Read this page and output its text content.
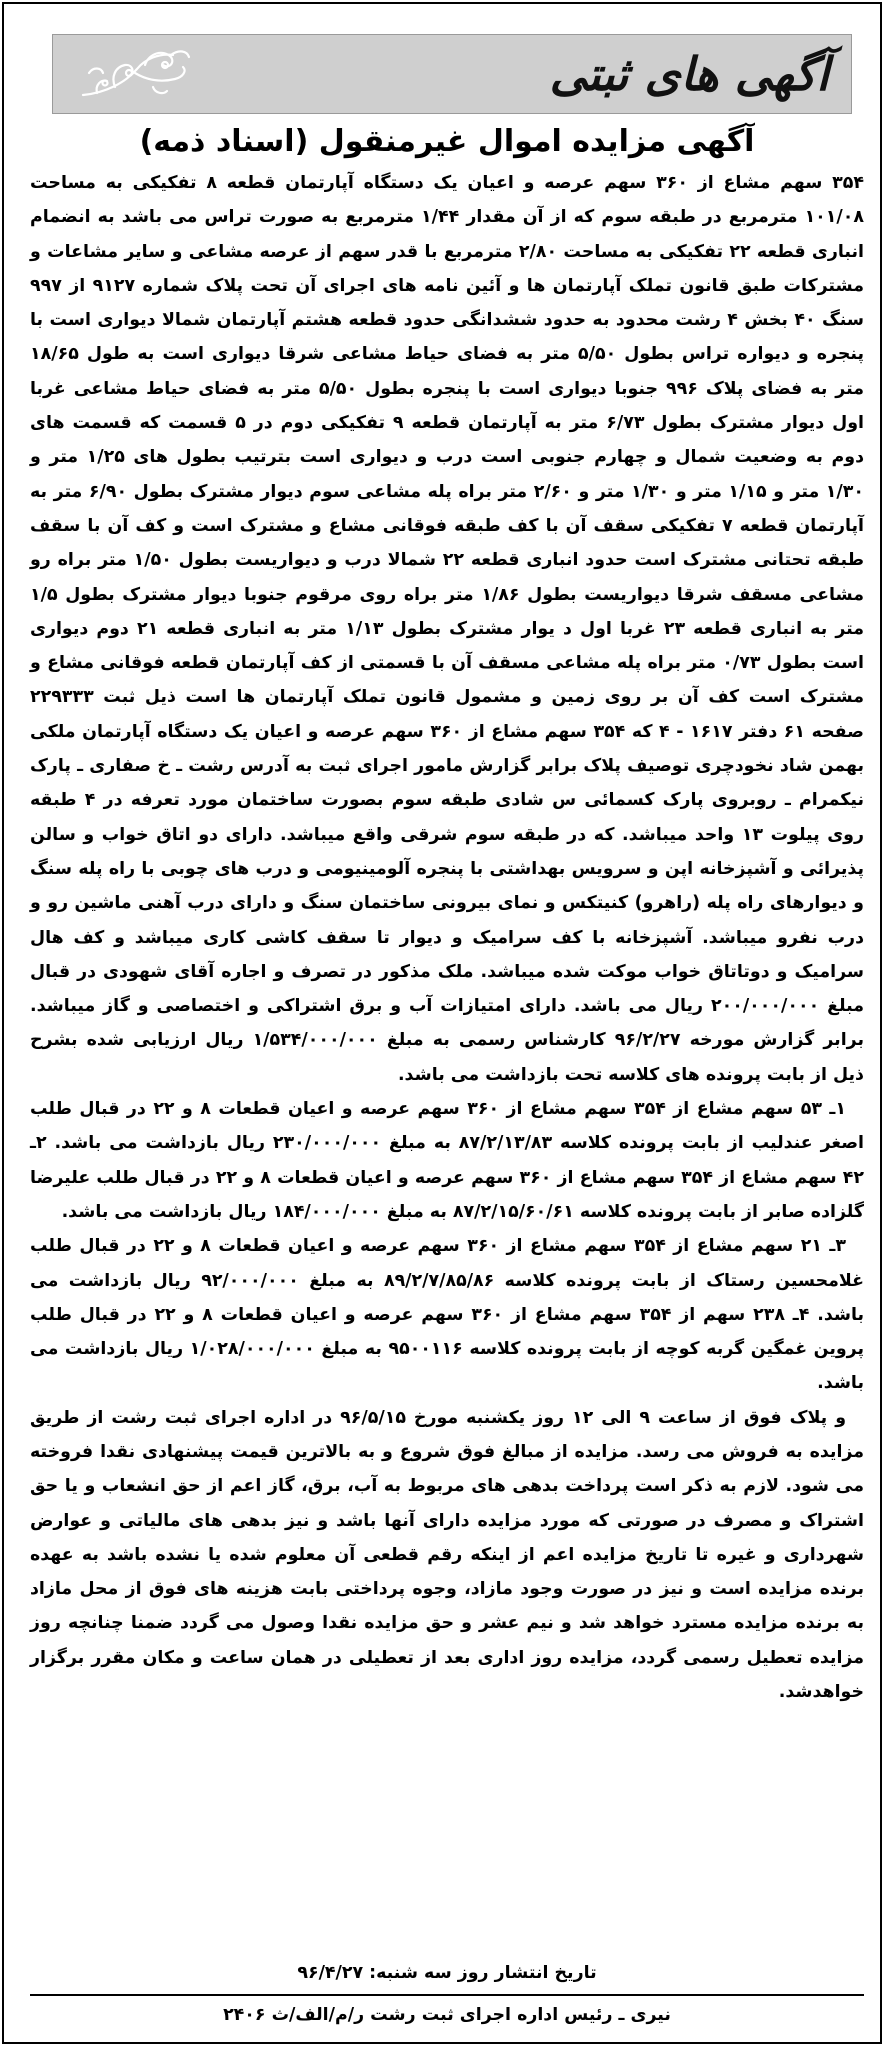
آگهی های ثبتی
آگهی مزایده اموال غیرمنقول (اسناد ذمه)

۳۵۴ سهم مشاع از ۳۶۰ سهم عرصه و اعیان یک دستگاه آپارتمان قطعه ۸ تفکیکی به مساحت ۱۰۱/۰۸ مترمربع در طبقه سوم که از آن مقدار ۱/۴۴ مترمربع به صورت تراس می باشد به انضمام انباری قطعه ۲۲ تفکیکی به مساحت ۲/۸۰ مترمربع با قدر سهم از عرصه مشاعی و سایر مشاعات و مشترکات طبق قانون تملک آپارتمان ها و آئین نامه های اجرای آن تحت پلاک شماره ۹۱۲۷ از ۹۹۷ سنگ ۴۰ بخش ۴ رشت محدود به حدود ششدانگی حدود قطعه هشتم آپارتمان شمالا دیواری است با پنجره و دیواره تراس بطول ۵/۵۰ متر به فضای حیاط مشاعی شرقا دیواری است به طول ۱۸/۶۵ متر به فضای پلاک ۹۹۶ جنوبا دیواری است با پنجره بطول ۵/۵۰ متر به فضای حیاط مشاعی غربا اول دیوار مشترک بطول ۶/۷۳ متر به آپارتمان قطعه ۹ تفکیکی دوم در ۵ قسمت که قسمت های دوم به وضعیت شمال و چهارم جنوبی است درب و دیواری است بترتیب بطول های ۱/۲۵ متر و ۱/۳۰ متر و ۱/۱۵ متر و ۱/۳۰ متر و ۲/۶۰ متر براه پله مشاعی سوم دیوار مشترک بطول ۶/۹۰ متر به آپارتمان قطعه ۷ تفکیکی سقف آن با کف طبقه فوقانی مشاع و مشترک است و کف آن با سقف طبقه تحتانی مشترک است حدود انباری قطعه ۲۲ شمالا درب و دیواریست بطول ۱/۵۰ متر براه رو مشاعی مسقف شرقا دیواریست بطول ۱/۸۶ متر براه روی مرقوم جنوبا دیوار مشترک بطول ۱/۵ متر به انباری قطعه ۲۳ غربا اول د یوار مشترک بطول ۱/۱۳ متر به انباری قطعه ۲۱ دوم دیواری است بطول ۰/۷۳ متر براه پله مشاعی مسقف آن با قسمتی از کف آپارتمان قطعه فوقانی مشاع و مشترک است کف آن بر روی زمین و مشمول قانون تملک آپارتمان ها است ذیل ثبت ۲۲۹۳۳۳ صفحه ۶۱ دفتر ۱۶۱۷ - ۴ که ۳۵۴ سهم مشاع از ۳۶۰ سهم عرصه و اعیان یک دستگاه آپارتمان ملکی بهمن شاد نخودچری توصیف پلاک برابر گزارش مامور اجرای ثبت به آدرس رشت ـ خ صفاری ـ پارک نیکمرام ـ روبروی پارک کسمائی س شادی طبقه سوم بصورت ساختمان مورد تعرفه در ۴ طبقه روی پیلوت ۱۳ واحد میباشد. که در طبقه سوم شرقی واقع میباشد. دارای دو اتاق خواب و سالن پذیرائی و آشپزخانه اپن و سرویس بهداشتی با پنجره آلومینیومی و درب های چوبی با راه پله سنگ و دیوارهای راه پله (راهرو) کنیتکس و نمای بیرونی ساختمان سنگ و دارای درب آهنی ماشین رو و درب نفرو میباشد. آشپزخانه با کف سرامیک و دیوار تا سقف کاشی کاری میباشد و کف هال سرامیک و دوتاتاق خواب موکت شده میباشد. ملک مذکور در تصرف و اجاره آقای شهودی در قبال مبلغ ۲۰۰/۰۰۰/۰۰۰ ریال می باشد. دارای امتیازات آب و برق اشتراکی و اختصاصی و گاز میباشد. برابر گزارش مورخه ۹۶/۲/۲۷ کارشناس رسمی به مبلغ ۱/۵۳۴/۰۰۰/۰۰۰ ریال ارزیابی شده بشرح ذیل از بابت پرونده های کلاسه تحت بازداشت می باشد.

۱ـ ۵۳ سهم مشاع از ۳۵۴ سهم مشاع از ۳۶۰ سهم عرصه و اعیان قطعات ۸ و ۲۲ در قبال طلب اصغر عندلیب از بابت پرونده کلاسه ۸۷/۲/۱۳/۸۳ به مبلغ ۲۳۰/۰۰۰/۰۰۰ ریال بازداشت می باشد. ۲ـ ۴۲ سهم مشاع از ۳۵۴ سهم مشاع از ۳۶۰ سهم عرصه و اعیان قطعات ۸ و ۲۲ در قبال طلب علیرضا گلزاده صابر از بابت پرونده کلاسه ۸۷/۲/۱۵/۶۰/۶۱ به مبلغ ۱۸۴/۰۰۰/۰۰۰ ریال بازداشت می باشد.

۳ـ ۲۱ سهم مشاع از ۳۵۴ سهم مشاع از ۳۶۰ سهم عرصه و اعیان قطعات ۸ و ۲۲ در قبال طلب غلامحسین رستاک از بابت پرونده کلاسه ۸۹/۲/۷/۸۵/۸۶ به مبلغ ۹۲/۰۰۰/۰۰۰ ریال بازداشت می باشد. ۴ـ ۲۳۸ سهم از ۳۵۴ سهم مشاع از ۳۶۰ سهم عرصه و اعیان قطعات ۸ و ۲۲ در قبال طلب پروین غمگین گربه کوچه از بابت پرونده کلاسه ۹۵۰۰۱۱۶ به مبلغ ۱/۰۲۸/۰۰۰/۰۰۰ ریال بازداشت می باشد.

و پلاک فوق از ساعت ۹ الی ۱۲ روز یکشنبه مورخ ۹۶/۵/۱۵ در اداره اجرای ثبت رشت از طریق مزایده به فروش می رسد. مزایده از مبالغ فوق شروع و به بالاترین قیمت پیشنهادی نقدا فروخته می شود. لازم به ذکر است پرداخت بدهی های مربوط به آب، برق، گاز اعم از حق انشعاب و یا حق اشتراک و مصرف در صورتی که مورد مزایده دارای آنها باشد و نیز بدهی های مالیاتی و عوارض شهرداری و غیره تا تاریخ مزایده اعم از اینکه رقم قطعی آن معلوم شده یا نشده باشد به عهده برنده مزایده است و نیز در صورت وجود مازاد، وجوه پرداختی بابت هزینه های فوق از محل مازاد به برنده مزایده مسترد خواهد شد و نیم عشر و حق مزایده نقدا وصول می گردد ضمنا چنانچه روز مزایده تعطیل رسمی گردد، مزایده روز اداری بعد از تعطیلی در همان ساعت و مکان مقرر برگزار خواهدشد.

تاریخ انتشار روز سه شنبه: ۹۶/۴/۲۷
نیری ـ رئیس اداره اجرای ثبت رشت ر/م/الف/ث ۲۴۰۶
